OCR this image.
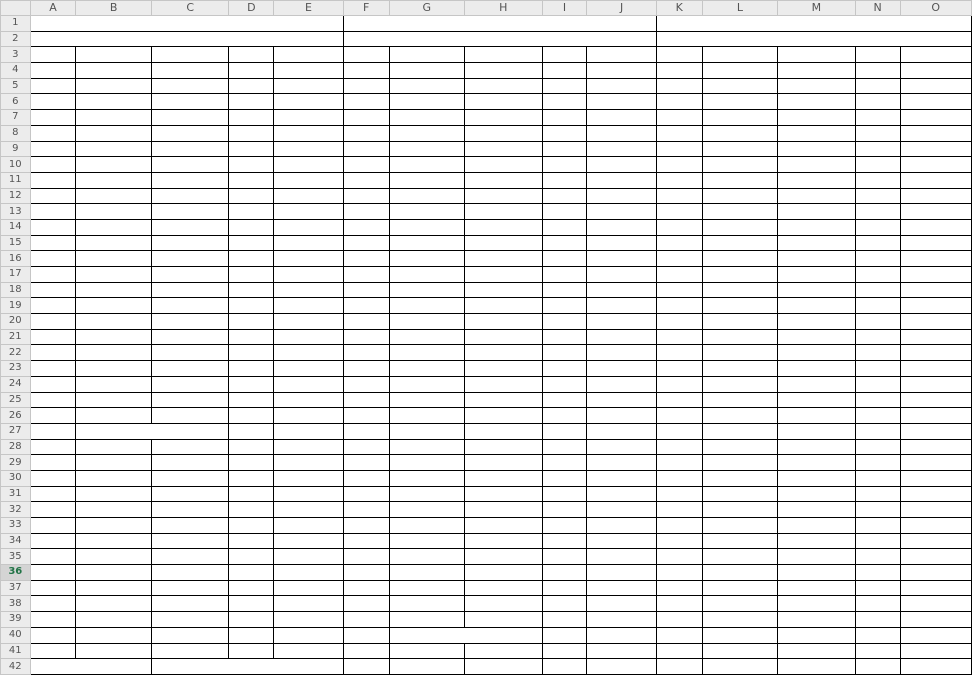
	A	B	C	D	E	F	G	H	I	J	K	L	M	N	O
1															
2															
3															
4															
5															
6															
7															
8															
9															
10															
11															
12															
13															
14															
15															
16															
17															
18															
19															
20															
21															
22															
23															
24															
25															
26															
27															
28															
29															
30															
31															
32															
33															
34															
35															
36															
37															
38															
39															
40															
41															
42															
